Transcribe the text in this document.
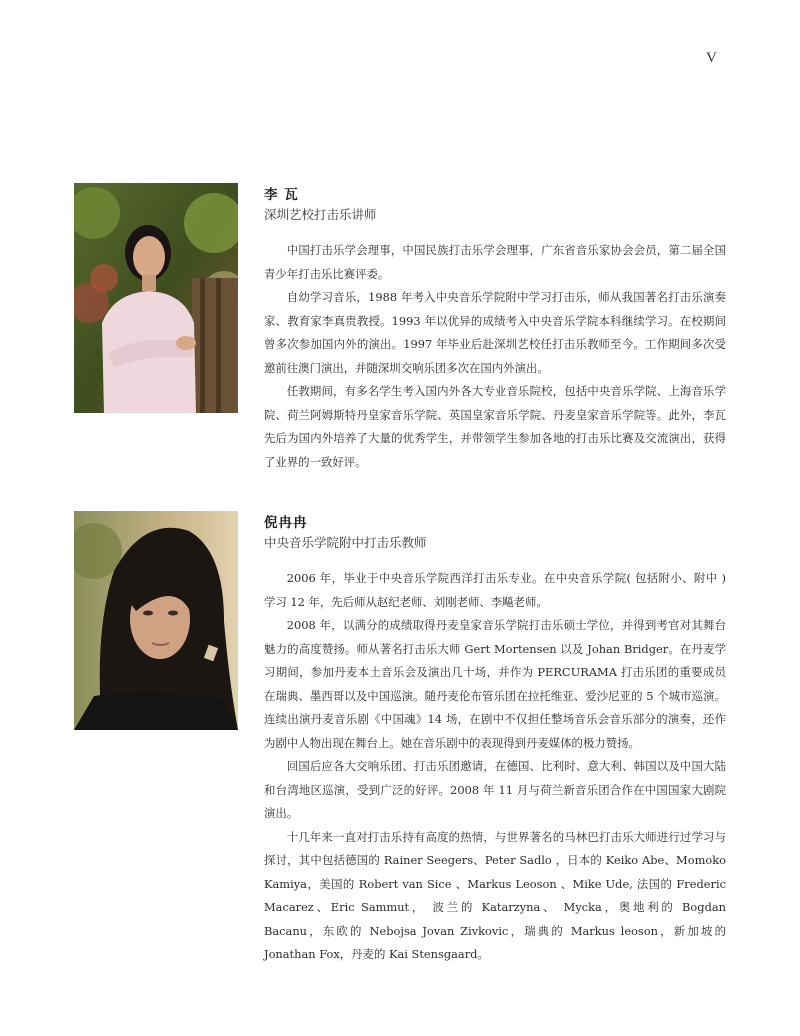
V
李 瓦

深圳艺校打击乐讲师

中国打击乐学会理事，中国民族打击乐学会理事，广东省音乐家协会会员，第二届全国青少年打击乐比赛评委。

自幼学习音乐，1988 年考入中央音乐学院附中学习打击乐，师从我国著名打击乐演奏家、教育家李真贵教授。1993 年以优异的成绩考入中央音乐学院本科继续学习。在校期间曾多次参加国内外的演出。1997 年毕业后赴深圳艺校任打击乐教师至今。工作期间多次受邀前往澳门演出，并随深圳交响乐团多次在国内外演出。

任教期间，有多名学生考入国内外各大专业音乐院校，包括中央音乐学院、上海音乐学院、荷兰阿姆斯特丹皇家音乐学院、英国皇家音乐学院、丹麦皇家音乐学院等。此外，李瓦先后为国内外培养了大量的优秀学生，并带领学生参加各地的打击乐比赛及交流演出，获得了业界的一致好评。

倪冉冉

中央音乐学院附中打击乐教师

2006 年，毕业于中央音乐学院西洋打击乐专业。在中央音乐学院( 包括附小、附中 ) 学习 12 年，先后师从赵纪老师、刘刚老师、李飚老师。

2008 年，以满分的成绩取得丹麦皇家音乐学院打击乐硕士学位，并得到考官对其舞台魅力的高度赞扬。师从著名打击乐大师 Gert Mortensen 以及 Johan Bridger。在丹麦学习期间，参加丹麦本土音乐会及演出几十场，并作为 PERCURAMA 打击乐团的重要成员在瑞典、墨西哥以及中国巡演。随丹麦伦布管乐团在拉托维亚、爱沙尼亚的 5 个城市巡演。连续出演丹麦音乐剧《中国魂》14 场，在剧中不仅担任整场音乐会音乐部分的演奏，还作为剧中人物出现在舞台上。她在音乐剧中的表现得到丹麦媒体的极力赞扬。

回国后应各大交响乐团、打击乐团邀请，在德国、比利时、意大利、韩国以及中国大陆和台湾地区巡演，受到广泛的好评。2008 年 11 月与荷兰新音乐团合作在中国国家大剧院演出。

十几年来一直对打击乐持有高度的热情，与世界著名的马林巴打击乐大师进行过学习与探讨，其中包括德国的 Rainer Seegers、Peter Sadlo ，日本的 Keiko Abe、Momoko Kamiya，美国的 Robert van Sice 、Markus Leoson 、Mike Ude, 法国的 Frederic Macarez、Eric Sammut， 波兰的 Katarzyna、 Mycka，奥地利的 Bogdan Bacanu，东欧的 Nebojsa Jovan Zivkovic，瑞典的 Markus leoson，新加坡的 Jonathan Fox，丹麦的 Kai Stensgaard。
